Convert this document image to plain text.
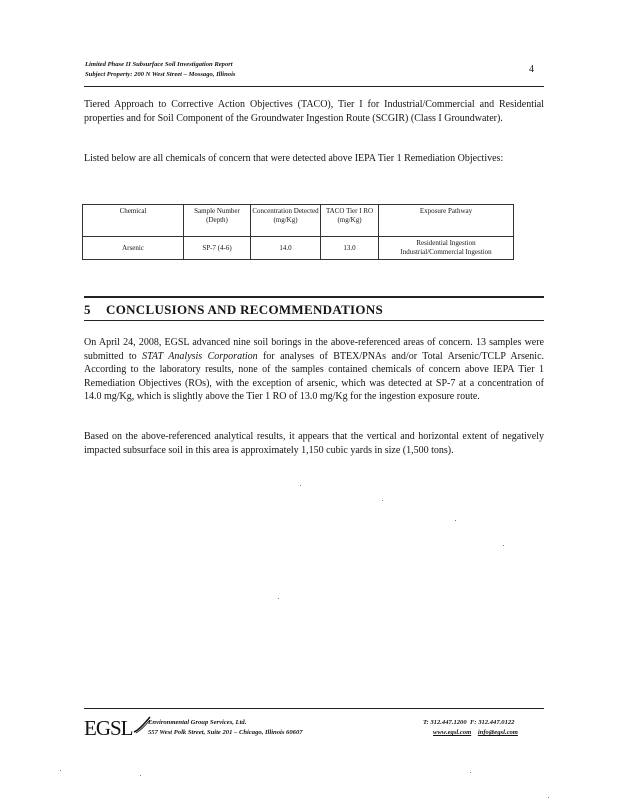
Limited Phase II Subsurface Soil Investigation Report
Subject Property: 200 N West Street – Mossago, Illinois	4
Tiered Approach to Corrective Action Objectives (TACO), Tier I for Industrial/Commercial and Residential properties and for Soil Component of the Groundwater Ingestion Route (SCGIR) (Class I Groundwater).
Listed below are all chemicals of concern that were detected above IEPA Tier 1 Remediation Objectives:
Chemical	Sample Number (Depth)	Concentration Detected (mg/Kg)	TACO Tier I RO (mg/Kg)	Exposure Pathway
Arsenic	SP-7 (4-6)	14.0	13.0	Residential Ingestion
Industrial/Commercial Ingestion
5 CONCLUSIONS AND RECOMMENDATIONS
On April 24, 2008, EGSL advanced nine soil borings in the above-referenced areas of concern. 13 samples were submitted to STAT Analysis Corporation for analyses of BTEX/PNAs and/or Total Arsenic/TCLP Arsenic. According to the laboratory results, none of the samples contained chemicals of concern above IEPA Tier 1 Remediation Objectives (ROs), with the exception of arsenic, which was detected at SP-7 at a concentration of 14.0 mg/Kg, which is slightly above the Tier 1 RO of 13.0 mg/Kg for the ingestion exposure route.
Based on the above-referenced analytical results, it appears that the vertical and horizontal extent of negatively impacted subsurface soil in this area is approximately 1,150 cubic yards in size (1,500 tons).
EGSL	Environmental Group Services, Ltd.
557 West Polk Street, Suite 201 – Chicago, Illinois 60607
T: 312.447.1200 F: 312.447.0122
www.egsl.com info@egsl.com
